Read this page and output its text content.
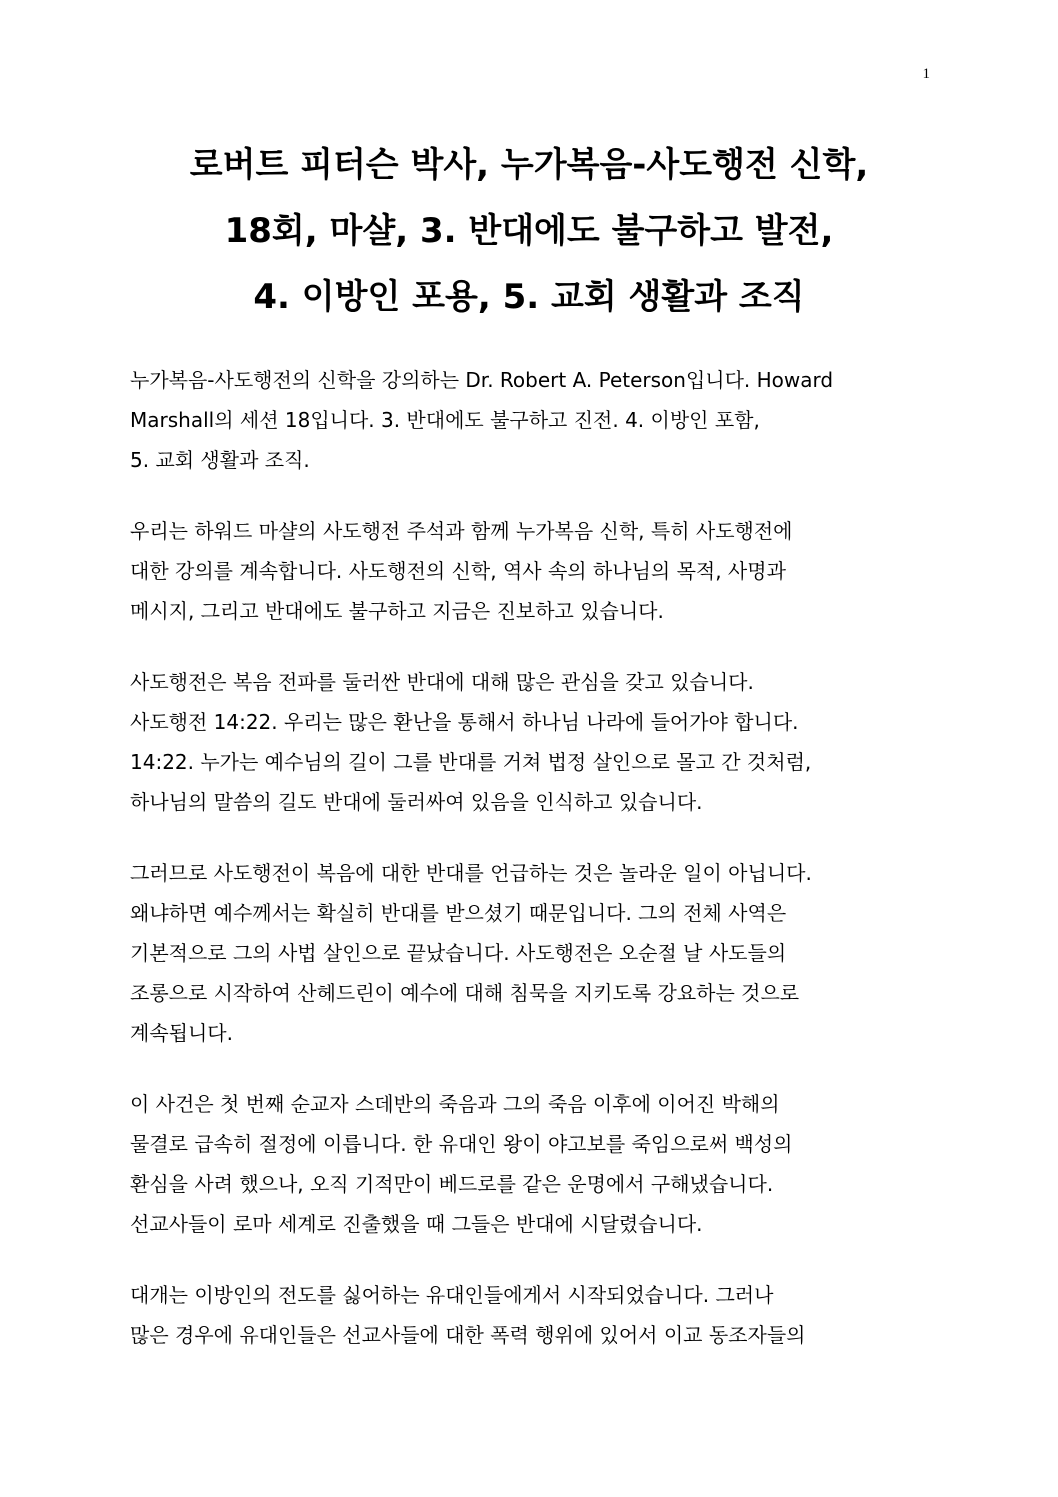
1
로버트 피터슨 박사, 누가복음-사도행전 신학,
18회, 마샬, 3. 반대에도 불구하고 발전,
4. 이방인 포용, 5. 교회 생활과 조직

누가복음-사도행전의 신학을 강의하는 Dr. Robert A. Peterson입니다. Howard
Marshall의 세션 18입니다. 3. 반대에도 불구하고 진전. 4. 이방인 포함,
5. 교회 생활과 조직.

우리는 하워드 마샬의 사도행전 주석과 함께 누가복음 신학, 특히 사도행전에
대한 강의를 계속합니다. 사도행전의 신학, 역사 속의 하나님의 목적, 사명과
메시지, 그리고 반대에도 불구하고 지금은 진보하고 있습니다.

사도행전은 복음 전파를 둘러싼 반대에 대해 많은 관심을 갖고 있습니다.
사도행전 14:22. 우리는 많은 환난을 통해서 하나님 나라에 들어가야 합니다.
14:22. 누가는 예수님의 길이 그를 반대를 거쳐 법정 살인으로 몰고 간 것처럼,
하나님의 말씀의 길도 반대에 둘러싸여 있음을 인식하고 있습니다.

그러므로 사도행전이 복음에 대한 반대를 언급하는 것은 놀라운 일이 아닙니다.
왜냐하면 예수께서는 확실히 반대를 받으셨기 때문입니다. 그의 전체 사역은
기본적으로 그의 사법 살인으로 끝났습니다. 사도행전은 오순절 날 사도들의
조롱으로 시작하여 산헤드린이 예수에 대해 침묵을 지키도록 강요하는 것으로
계속됩니다.

이 사건은 첫 번째 순교자 스데반의 죽음과 그의 죽음 이후에 이어진 박해의
물결로 급속히 절정에 이릅니다. 한 유대인 왕이 야고보를 죽임으로써 백성의
환심을 사려 했으나, 오직 기적만이 베드로를 같은 운명에서 구해냈습니다.
선교사들이 로마 세계로 진출했을 때 그들은 반대에 시달렸습니다.

대개는 이방인의 전도를 싫어하는 유대인들에게서 시작되었습니다. 그러나
많은 경우에 유대인들은 선교사들에 대한 폭력 행위에 있어서 이교 동조자들의
